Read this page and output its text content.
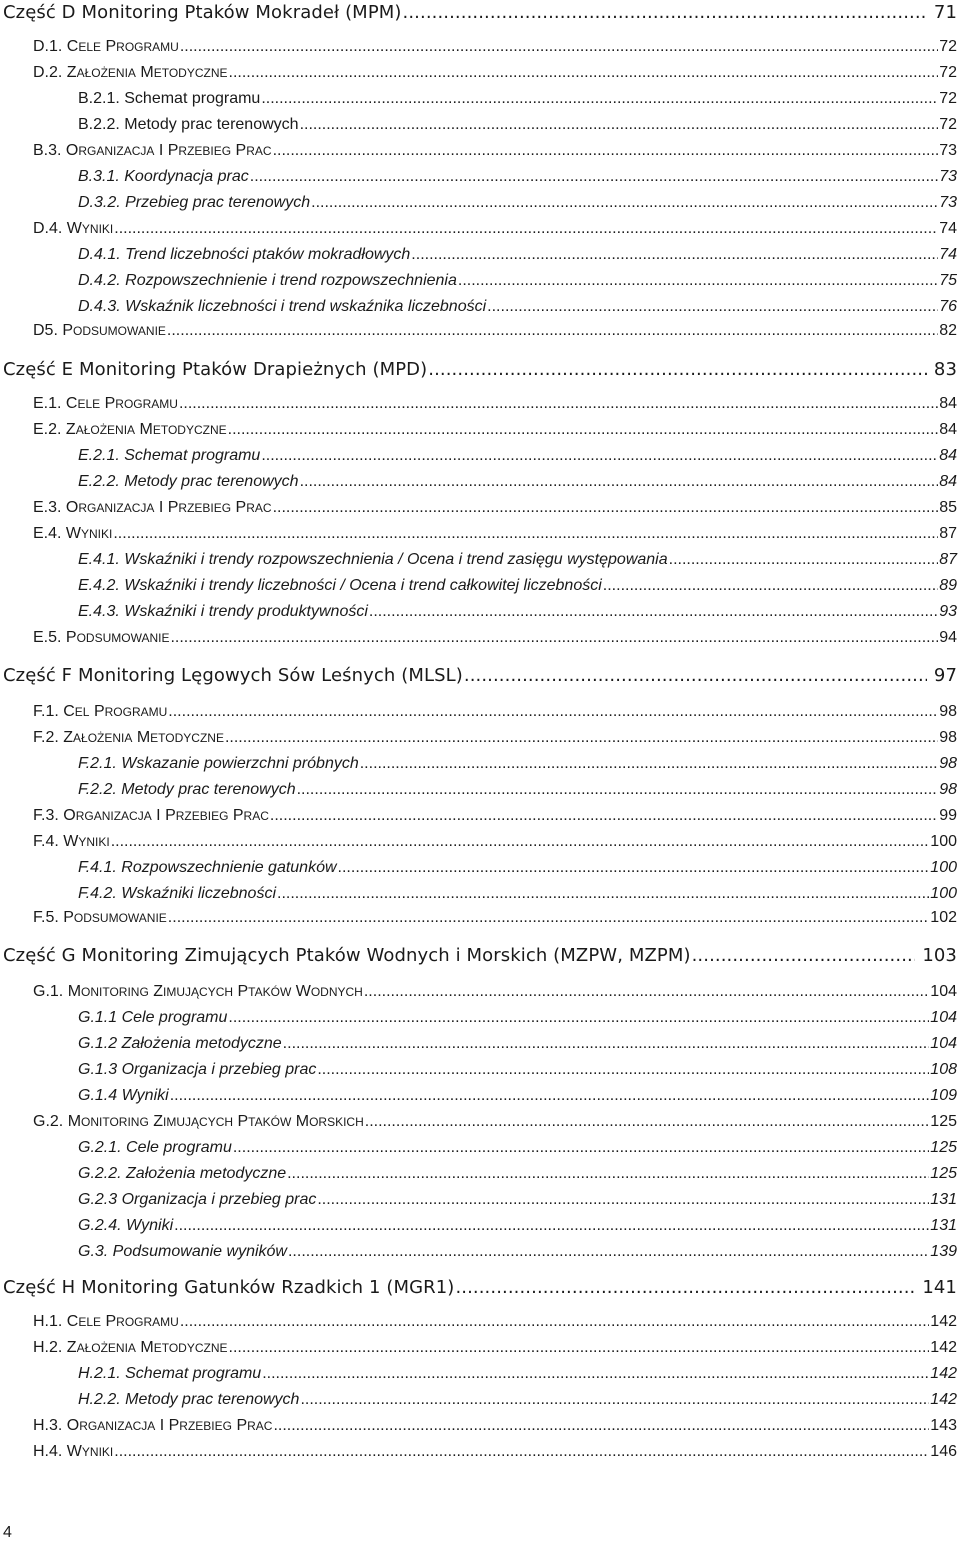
Część D Monitoring Ptaków Mokradeł (MPM) .....	71
D.1. CELE PROGRAMU .....	72
D.2. ZAŁOŻENIA METODYCZNE .....	72
B.2.1. Schemat programu .....	72
B.2.2. Metody prac terenowych .....	72
B.3. ORGANIZACJA I PRZEBIEG PRAC .....	73
B.3.1. Koordynacja prac .....	73
D.3.2. Przebieg prac terenowych .....	73
D.4. WYNIKI .....	74
D.4.1. Trend liczebności ptaków mokradłowych .....	74
D.4.2. Rozpowszechnienie i trend rozpowszechnienia .....	75
D.4.3. Wskaźnik liczebności i trend wskaźnika liczebności .....	76
D5. PODSUMOWANIE .....	82
Część E Monitoring Ptaków Drapieżnych (MPD) .....	83
E.1. CELE PROGRAMU .....	84
E.2. ZAŁOŻENIA METODYCZNE .....	84
E.2.1. Schemat programu .....	84
E.2.2. Metody prac terenowych .....	84
E.3. ORGANIZACJA I PRZEBIEG PRAC .....	85
E.4. WYNIKI .....	87
E.4.1. Wskaźniki i trendy rozpowszechnienia / Ocena i trend zasięgu występowania .....	87
E.4.2. Wskaźniki i trendy liczebności / Ocena i trend całkowitej liczebności .....	89
E.4.3. Wskaźniki i trendy produktywności .....	93
E.5. PODSUMOWANIE .....	94
Część F Monitoring Lęgowych Sów Leśnych (MLSL) .....	97
F.1. CEL PROGRAMU .....	98
F.2. ZAŁOŻENIA METODYCZNE .....	98
F.2.1. Wskazanie powierzchni próbnych .....	98
F.2.2. Metody prac terenowych .....	98
F.3. ORGANIZACJA I PRZEBIEG PRAC .....	99
F.4. WYNIKI .....	100
F.4.1. Rozpowszechnienie gatunków .....	100
F.4.2. Wskaźniki liczebności .....	100
F.5. PODSUMOWANIE .....	102
Część G Monitoring Zimujących Ptaków Wodnych i Morskich (MZPW, MZPM) .....	103
G.1. MONITORING ZIMUJĄCYCH PTAKÓW WODNYCH .....	104
G.1.1 Cele programu .....	104
G.1.2 Założenia metodyczne .....	104
G.1.3 Organizacja i przebieg prac .....	108
G.1.4 Wyniki .....	109
G.2. MONITORING ZIMUJĄCYCH PTAKÓW MORSKICH .....	125
G.2.1. Cele programu .....	125
G.2.2. Założenia metodyczne .....	125
G.2.3 Organizacja i przebieg prac .....	131
G.2.4. Wyniki .....	131
G.3. Podsumowanie wyników .....	139
Część H Monitoring Gatunków Rzadkich 1 (MGR1) .....	141
H.1. CELE PROGRAMU .....	142
H.2. ZAŁOŻENIA METODYCZNE .....	142
H.2.1. Schemat programu .....	142
H.2.2. Metody prac terenowych .....	142
H.3. ORGANIZACJA I PRZEBIEG PRAC .....	143
H.4. WYNIKI .....	146
4
